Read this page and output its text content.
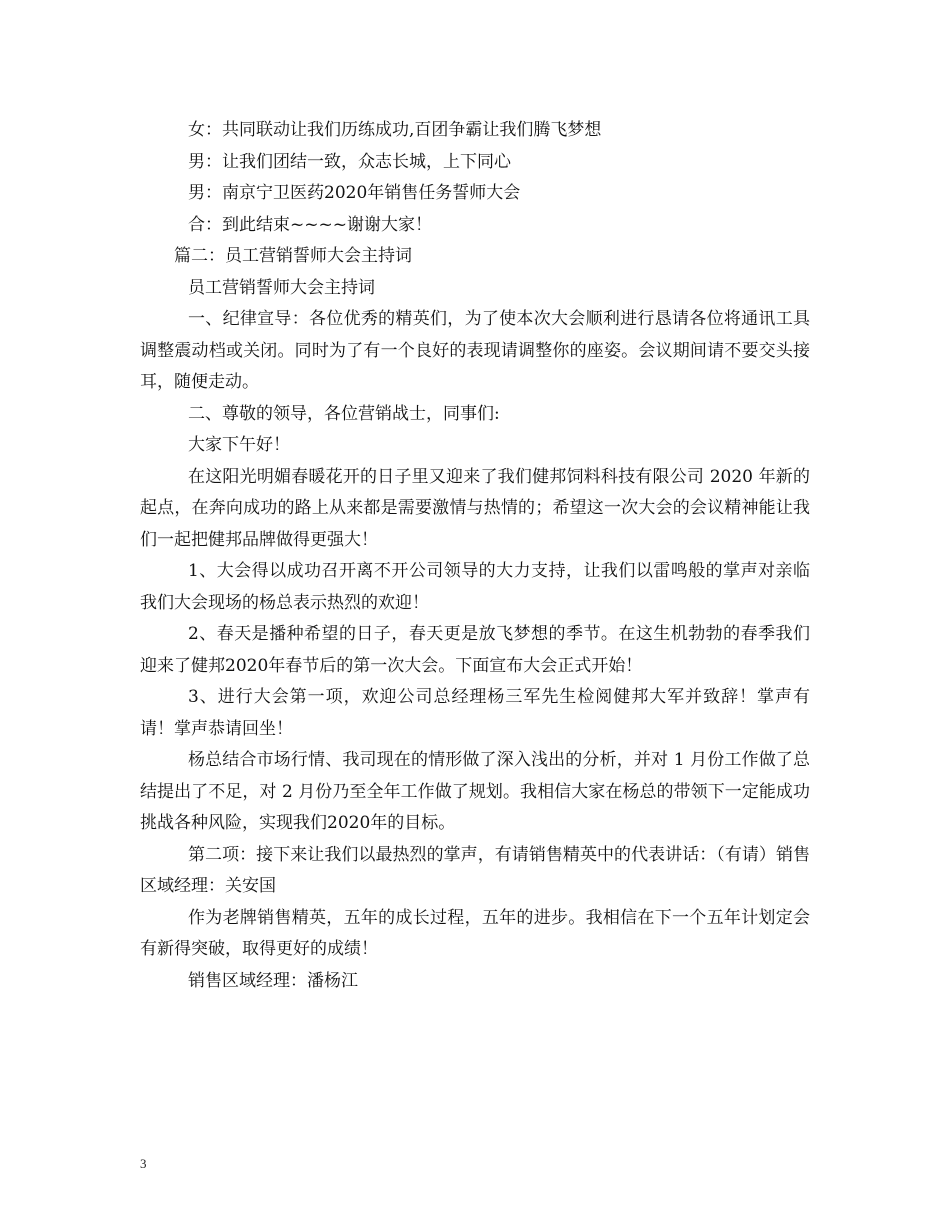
女：共同联动让我们历练成功,百团争霸让我们腾飞梦想

男：让我们团结一致，众志长城，上下同心

男：南京宁卫医药2020年销售任务誓师大会

合：到此结束~~~~谢谢大家！

篇二：员工营销誓师大会主持词

员工营销誓师大会主持词

一、纪律宣导：各位优秀的精英们，为了使本次大会顺利进行恳请各位将通讯工具调整震动档或关闭。同时为了有一个良好的表现请调整你的座姿。会议期间请不要交头接耳，随便走动。

二、尊敬的领导，各位营销战士，同事们:

大家下午好！

在这阳光明媚春暖花开的日子里又迎来了我们健邦饲料科技有限公司 2020 年新的起点，在奔向成功的路上从来都是需要激情与热情的；希望这一次大会的会议精神能让我们一起把健邦品牌做得更强大！

1、大会得以成功召开离不开公司领导的大力支持，让我们以雷鸣般的掌声对亲临我们大会现场的杨总表示热烈的欢迎！

2、春天是播种希望的日子，春天更是放飞梦想的季节。在这生机勃勃的春季我们迎来了健邦2020年春节后的第一次大会。下面宣布大会正式开始！

3、进行大会第一项，欢迎公司总经理杨三军先生检阅健邦大军并致辞！掌声有请！掌声恭请回坐！

杨总结合市场行情、我司现在的情形做了深入浅出的分析，并对 1 月份工作做了总结提出了不足，对 2 月份乃至全年工作做了规划。我相信大家在杨总的带领下一定能成功挑战各种风险，实现我们2020年的目标。

第二项：接下来让我们以最热烈的掌声，有请销售精英中的代表讲话：（有请）销售区域经理：关安国

作为老牌销售精英，五年的成长过程，五年的进步。我相信在下一个五年计划定会有新得突破，取得更好的成绩！

销售区域经理：潘杨江

3
